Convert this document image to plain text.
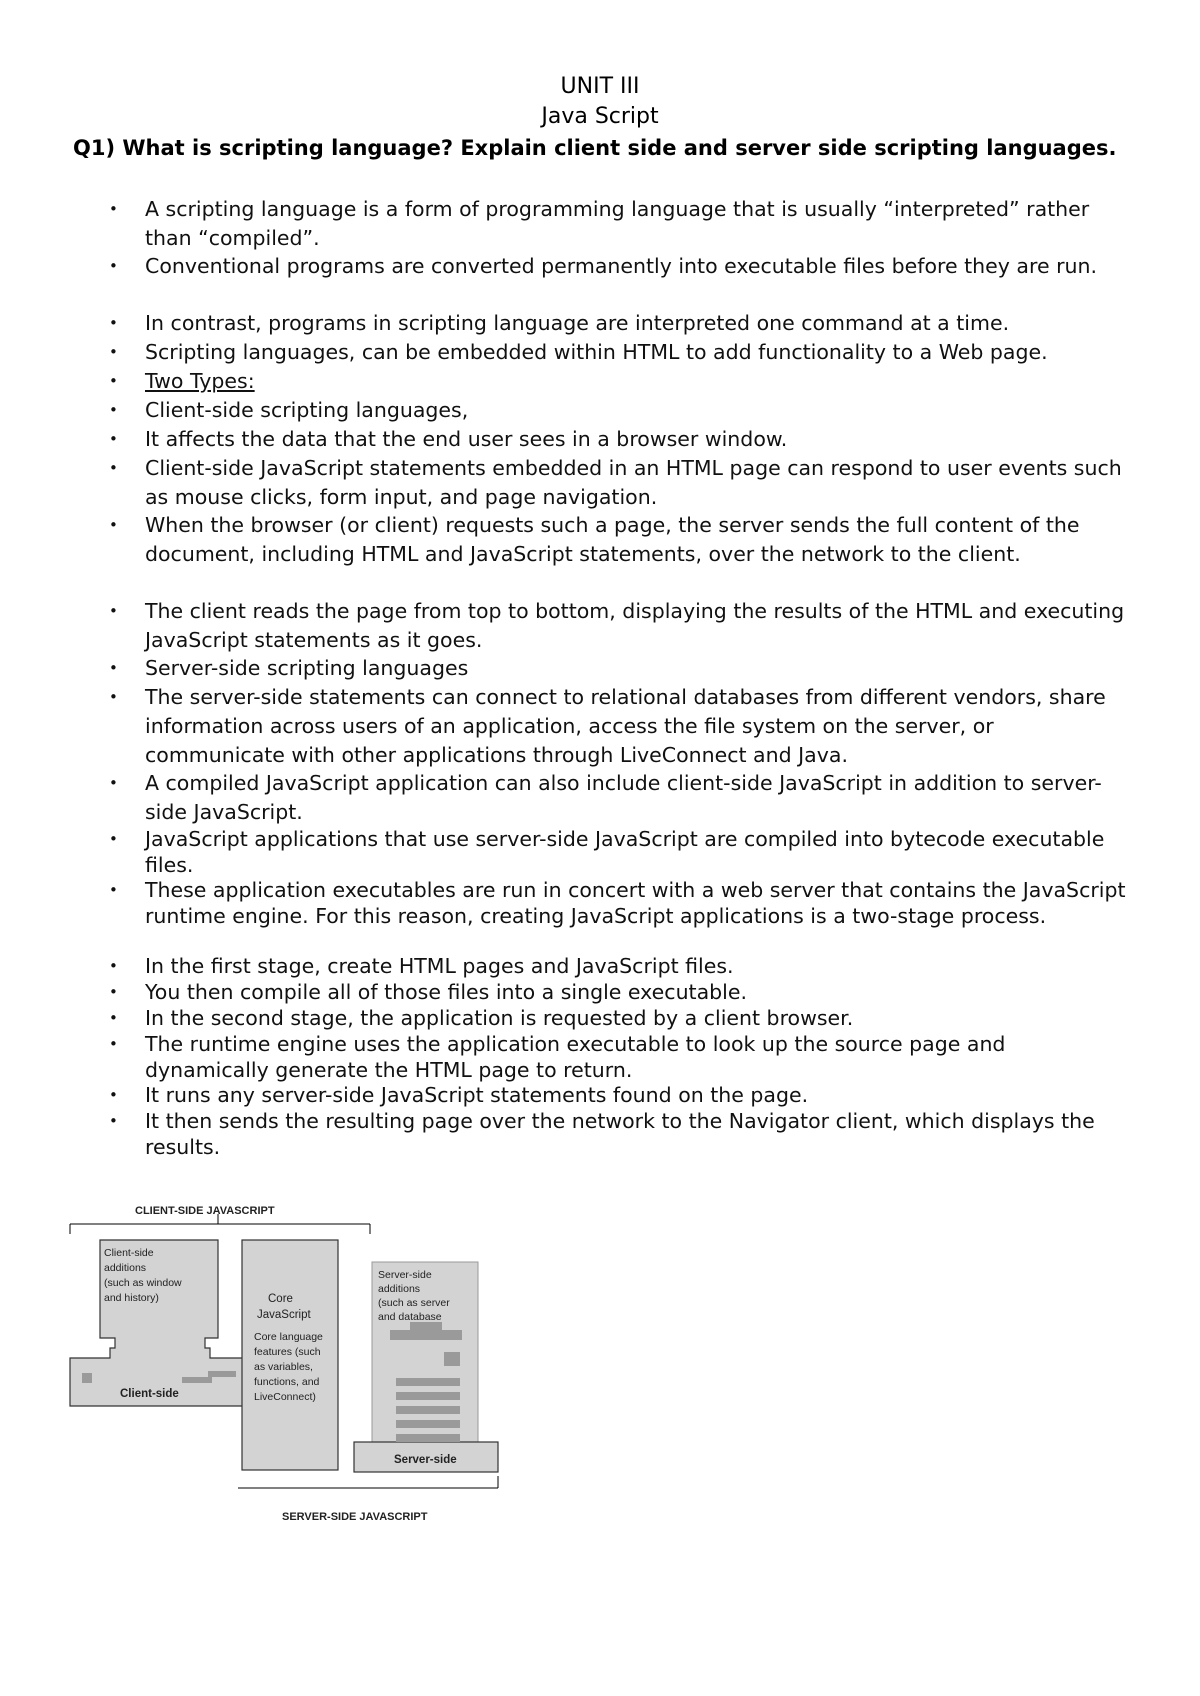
UNIT III
Java Script
Q1) What is scripting language? Explain client side and server side scripting languages.
• A scripting language is a form of programming language that is usually “interpreted” rather than “compiled”.
• Conventional programs are converted permanently into executable files before they are run.
• In contrast, programs in scripting language are interpreted one command at a time.
• Scripting languages, can be embedded within HTML to add functionality to a Web page.
• Two Types:
• Client-side scripting languages,
• It affects the data that the end user sees in a browser window.
• Client-side JavaScript statements embedded in an HTML page can respond to user events such as mouse clicks, form input, and page navigation.
• When the browser (or client) requests such a page, the server sends the full content of the document, including HTML and JavaScript statements, over the network to the client.
• The client reads the page from top to bottom, displaying the results of the HTML and executing JavaScript statements as it goes.
• Server-side scripting languages
• The server-side statements can connect to relational databases from different vendors, share information across users of an application, access the file system on the server, or communicate with other applications through LiveConnect and Java.
• A compiled JavaScript application can also include client-side JavaScript in addition to server-side JavaScript.
• JavaScript applications that use server-side JavaScript are compiled into bytecode executable files.
• These application executables are run in concert with a web server that contains the JavaScript runtime engine. For this reason, creating JavaScript applications is a two-stage process.
• In the first stage, create HTML pages and JavaScript files.
• You then compile all of those files into a single executable.
• In the second stage, the application is requested by a client browser.
• The runtime engine uses the application executable to look up the source page and dynamically generate the HTML page to return.
• It runs any server-side JavaScript statements found on the page.
• It then sends the resulting page over the network to the Navigator client, which displays the results.
CLIENT-SIDE JAVASCRIPT
Client-side additions (such as window and history)
Client-side
Core JavaScript
Core language features (such as variables, functions, and LiveConnect)
Server-side additions (such as server and database
Server-side
SERVER-SIDE JAVASCRIPT
